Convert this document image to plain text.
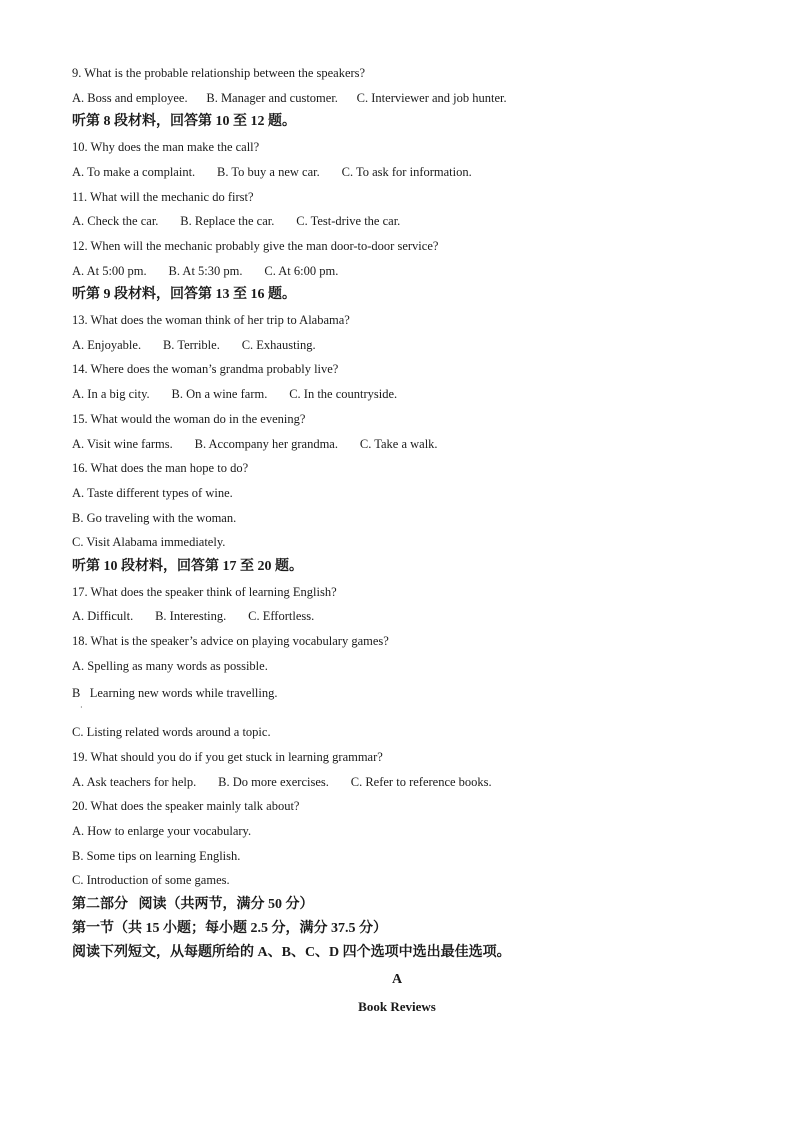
9. What is the probable relationship between the speakers?
A. Boss and employee.      B. Manager and customer.      C. Interviewer and job hunter.
听第 8 段材料，回答第 10 至 12 题。
10. Why does the man make the call?
A. To make a complaint.       B. To buy a new car.       C. To ask for information.
11. What will the mechanic do first?
A. Check the car.       B. Replace the car.       C. Test-drive the car.
12. When will the mechanic probably give the man door-to-door service?
A. At 5:00 pm.       B. At 5:30 pm.       C. At 6:00 pm.
听第 9 段材料，回答第 13 至 16 题。
13. What does the woman think of her trip to Alabama?
A. Enjoyable.       B. Terrible.       C. Exhausting.
14. Where does the woman’s grandma probably live?
A. In a big city.       B. On a wine farm.       C. In the countryside.
15. What would the woman do in the evening?
A. Visit wine farms.       B. Accompany her grandma.       C. Take a walk.
16. What does the man hope to do?
A. Taste different types of wine.
B. Go traveling with the woman.
C. Visit Alabama immediately.
听第 10 段材料，回答第 17 至 20 题。
17. What does the speaker think of learning English?
A. Difficult.       B. Interesting.       C. Effortless.
18. What is the speaker’s advice on playing vocabulary games?
A. Spelling as many words as possible.
B   Learning new words while travelling.
·
C. Listing related words around a topic.
19. What should you do if you get stuck in learning grammar?
A. Ask teachers for help.       B. Do more exercises.       C. Refer to reference books.
20. What does the speaker mainly talk about?
A. How to enlarge your vocabulary.
B. Some tips on learning English.
C. Introduction of some games.
第二部分   阅读（共两节，满分 50 分）
第一节（共 15 小题；每小题 2.5 分，满分 37.5 分）
阅读下列短文，从每题所给的 A、B、C、D 四个选项中选出最佳选项。
A
Book Reviews
